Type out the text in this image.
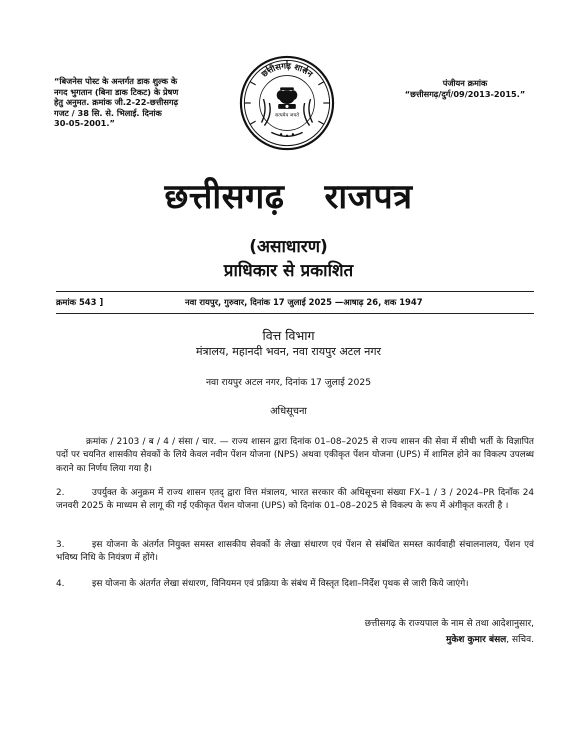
“बिजनेस पोस्ट के अन्तर्गत डाक शुल्क के
नगद भुगतान (बिना डाक टिकट) के प्रेषण
हेतु अनुमत. क्रमांक जी.2-22-छत्तीसगढ़
गजट / 38 सि. से. भिलाई. दिनांक
30-05-2001.”
पंजीयन क्रमांक
“छत्तीसगढ़/दुर्ग/09/2013-2015.”
छत्तीसगढ़ शासन
सत्यमेव जयते
छत्तीसगढ़ राजपत्र
(असाधारण)
प्राधिकार से प्रकाशित
क्रमांक 543 ]	नवा रायपुर, गुरुवार, दिनांक 17 जुलाई 2025 —आषाढ़ 26, शक 1947
वित्त विभाग
मंत्रालय, महानदी भवन, नवा रायपुर अटल नगर
नवा रायपुर अटल नगर, दिनांक 17 जुलाई 2025
अधिसूचना
क्रमांक / 2103 / ब / 4 / संसा / चार. — राज्य शासन द्वारा दिनांक 01–08–2025 से राज्य शासन की सेवा में सीधी भर्ती के विज्ञापित पदों पर चयनित शासकीय सेवकों के लिये केवल नवीन पेंशन योजना (NPS) अथवा एकीकृत पेंशन योजना (UPS) में शामिल होने का विकल्प उपलब्ध कराने का निर्णय लिया गया है।
2.	उपर्युक्त के अनुक्रम में राज्य शासन एतद् द्वारा वित्त मंत्रालय, भारत सरकार की अधिसूचना संख्या FX–1 / 3 / 2024–PR दिनाँक 24 जनवरी 2025 के माध्यम से लागू की गई एकीकृत पेंशन योजना (UPS) को दिनांक 01–08–2025 से विकल्प के रूप में अंगीकृत करती है ।
3.	इस योजना के अंतर्गत नियुक्त समस्त शासकीय सेवकों के लेखा संधारण एवं पेंशन से संबंधित समस्त कार्यवाही संचालनालय, पेंशन एवं भविष्य निधि के नियंत्रण में होंगे।
4.	इस योजना के अंतर्गत लेखा संधारण, विनियमन एवं प्रक्रिया के संबंध में विस्तृत दिशा–निर्देश पृथक से जारी किये जाएंगे।
छत्तीसगढ़ के राज्यपाल के नाम से तथा आदेशानुसार,
मुकेश कुमार बंसल, सचिव.
